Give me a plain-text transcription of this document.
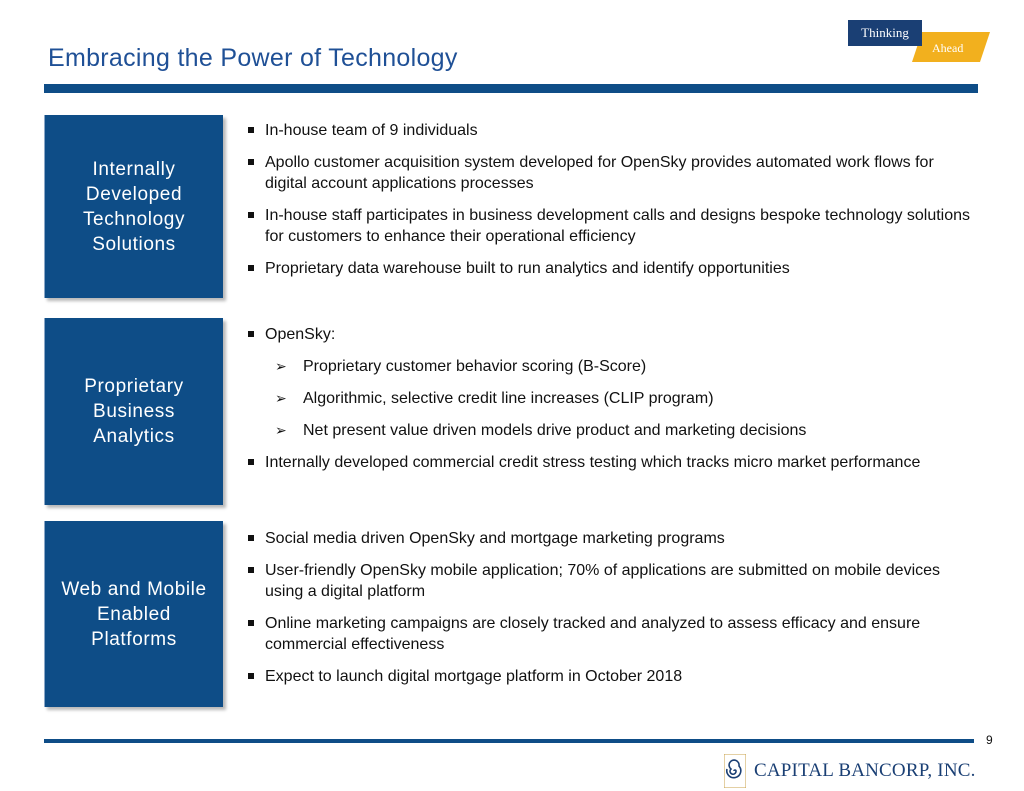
Embracing the Power of Technology	Ahead
Thinking
Internally
Developed
Technology
Solutions
In-house team of 9 individuals
Apollo customer acquisition system developed for OpenSky provides automated work flows for digital account applications processes
In-house staff participates in business development calls and designs bespoke technology solutions for customers to enhance their operational efficiency
Proprietary data warehouse built to run analytics and identify opportunities
Proprietary
Business
Analytics
OpenSky:
➢ Proprietary customer behavior scoring (B-Score)
➢ Algorithmic, selective credit line increases (CLIP program)
➢ Net present value driven models drive product and marketing decisions
Internally developed commercial credit stress testing which tracks micro market performance
Web and Mobile
Enabled
Platforms
Social media driven OpenSky and mortgage marketing programs
User-friendly OpenSky mobile application; 70% of applications are submitted on mobile devices using a digital platform
Online marketing campaigns are closely tracked and analyzed to assess efficacy and ensure commercial effectiveness
Expect to launch digital mortgage platform in October 2018
9
CAPITAL BANCORP, INC.
